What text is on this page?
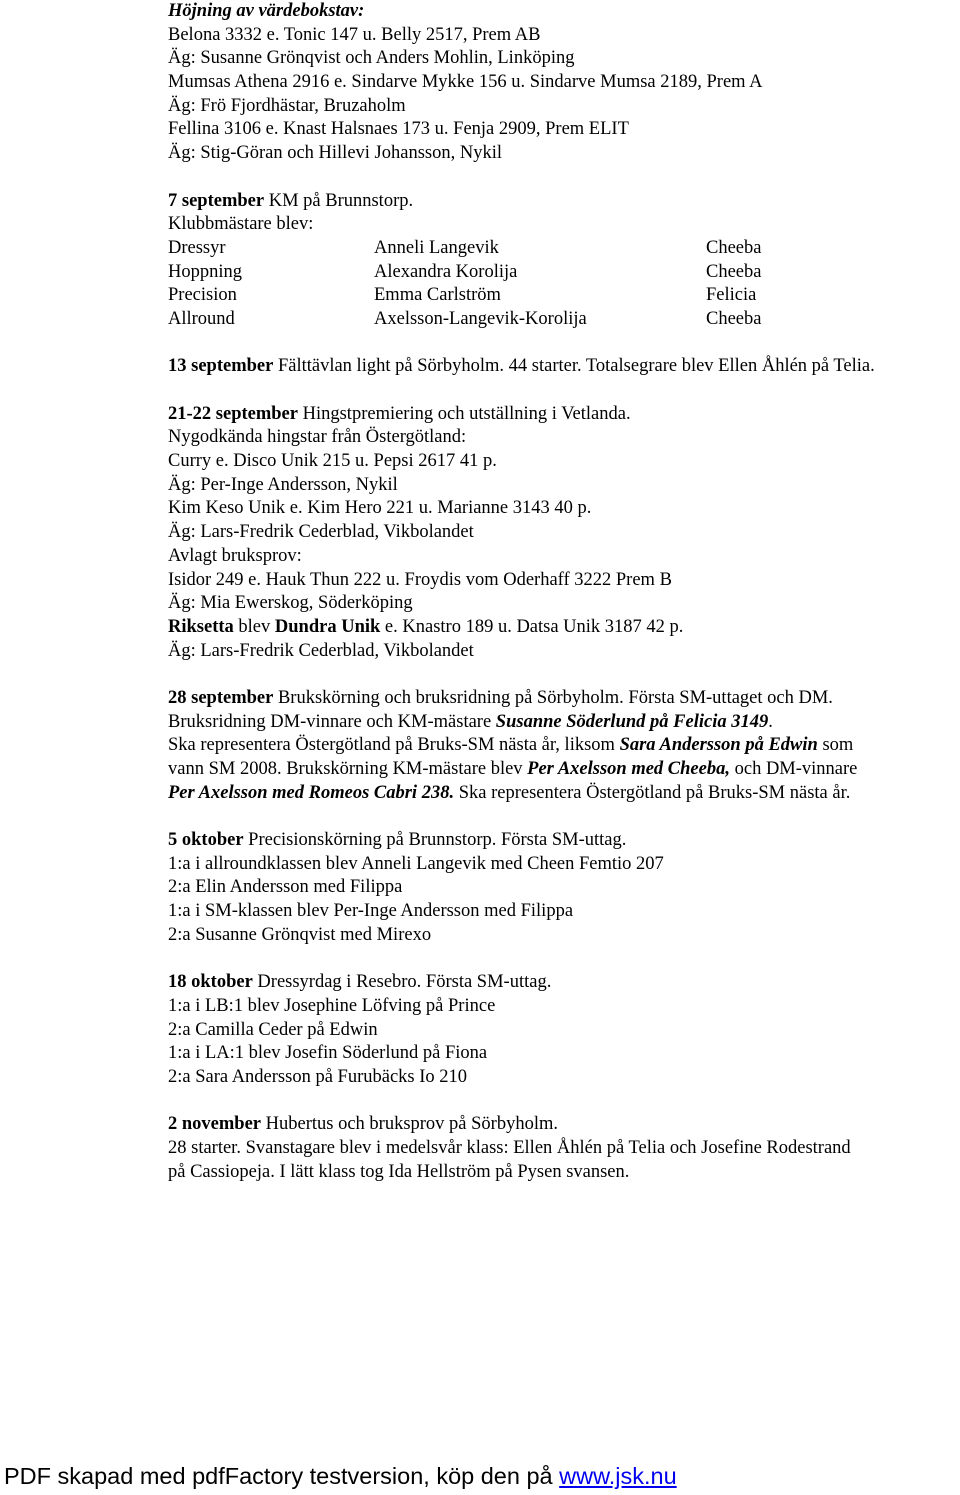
Höjning av värdebokstav:
Belona 3332 e. Tonic 147 u. Belly 2517, Prem AB
Äg: Susanne Grönqvist och Anders Mohlin, Linköping
Mumsas Athena 2916 e. Sindarve Mykke 156 u. Sindarve Mumsa 2189, Prem A
Äg: Frö Fjordhästar, Bruzaholm
Fellina 3106 e. Knast Halsnaes 173 u. Fenja 2909, Prem ELIT
Äg: Stig-Göran och Hillevi Johansson, Nykil
7 september KM på Brunnstorp.
Klubbmästare blev:
Dressyr	Anneli Langevik	Cheeba
Hoppning	Alexandra Korolija	Cheeba
Precision	Emma Carlström	Felicia
Allround	Axelsson-Langevik-Korolija	Cheeba
13 september Fälttävlan light på Sörbyholm. 44 starter. Totalsegrare blev Ellen Åhlén på Telia.
21-22 september Hingstpremiering och utställning i Vetlanda.
Nygodkända hingstar från Östergötland:
Curry e. Disco Unik 215 u. Pepsi 2617 41 p.
Äg: Per-Inge Andersson, Nykil
Kim Keso Unik e. Kim Hero 221 u. Marianne 3143 40 p.
Äg: Lars-Fredrik Cederblad, Vikbolandet
Avlagt bruksprov:
Isidor 249 e. Hauk Thun 222 u. Froydis vom Oderhaff 3222 Prem B
Äg: Mia Ewerskog, Söderköping
Riksetta blev Dundra Unik e. Knastro 189 u. Datsa Unik 3187 42 p.
Äg: Lars-Fredrik Cederblad, Vikbolandet
28 september Brukskörning och bruksridning på Sörbyholm. Första SM-uttaget och DM.
Bruksridning DM-vinnare och KM-mästare Susanne Söderlund på Felicia 3149.
Ska representera Östergötland på Bruks-SM nästa år, liksom Sara Andersson på Edwin som
vann SM 2008. Brukskörning KM-mästare blev Per Axelsson med Cheeba, och DM-vinnare
Per Axelsson med Romeos Cabri 238. Ska representera Östergötland på Bruks-SM nästa år.
5 oktober Precisionskörning på Brunnstorp. Första SM-uttag.
1:a i allroundklassen blev Anneli Langevik med Cheen Femtio 207
2:a Elin Andersson med Filippa
1:a i SM-klassen blev Per-Inge Andersson med Filippa
2:a Susanne Grönqvist med Mirexo
18 oktober Dressyrdag i Resebro. Första SM-uttag.
1:a i LB:1 blev Josephine Löfving på Prince
2:a Camilla Ceder på Edwin
1:a i LA:1 blev Josefin Söderlund på Fiona
2:a Sara Andersson på Furubäcks Io 210
2 november Hubertus och bruksprov på Sörbyholm.
28 starter. Svanstagare blev i medelsvår klass: Ellen Åhlén på Telia och Josefine Rodestrand
på Cassiopeja. I lätt klass tog Ida Hellström på Pysen svansen.
PDF skapad med pdfFactory testversion, köp den på www.jsk.nu
